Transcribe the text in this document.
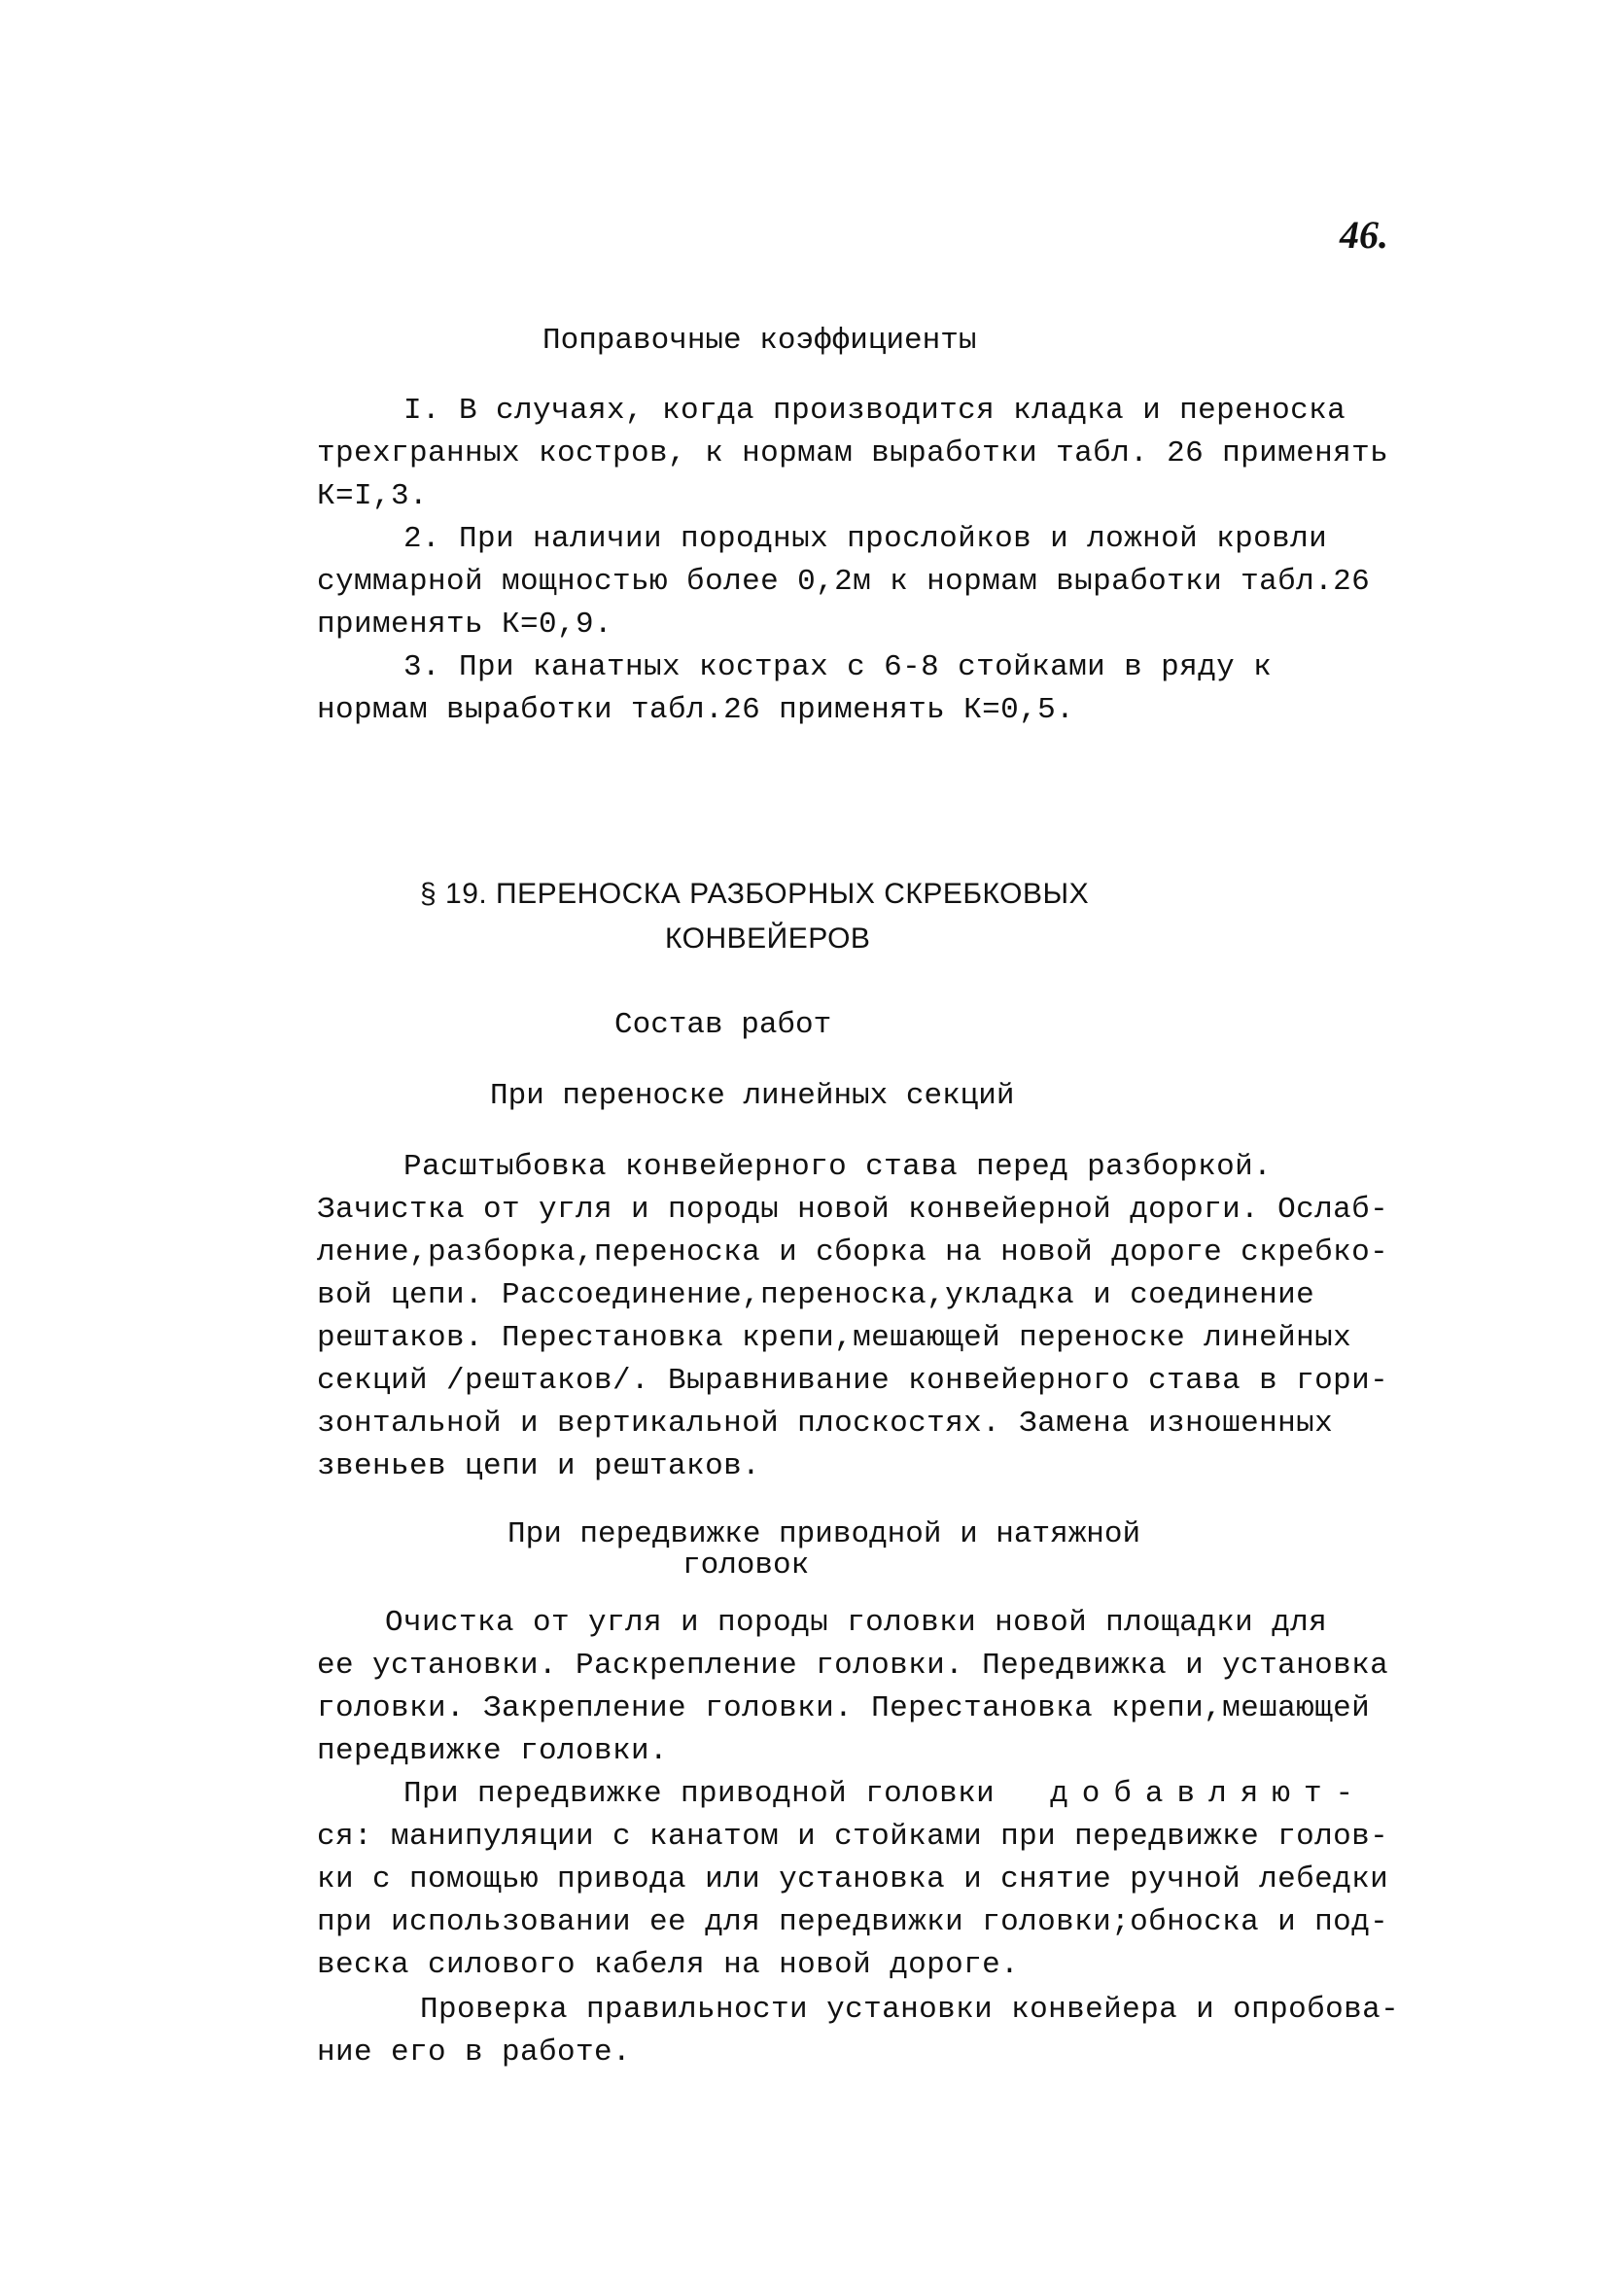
46.
Поправочные коэффициенты
I. В случаях, когда производится кладка и переноска
трехгранных костров, к нормам выработки табл. 26 применять
К=I,3.
2. При наличии породных прослойков и ложной кровли
суммарной мощностью более 0,2м к нормам выработки табл.26
применять К=0,9.
3. При канатных кострах с 6-8 стойками в ряду к
нормам выработки табл.26 применять К=0,5.
§ 19. ПЕРЕНОСКА РАЗБОРНЫХ СКРЕБКОВЫХ
КОНВЕЙЕРОВ
Состав работ
При переноске линейных секций
Расштыбовка конвейерного става перед разборкой.
Зачистка от угля и породы новой конвейерной дороги. Ослаб-
ление,разборка,переноска и сборка на новой дороге скребко-
вой цепи. Рассоединение,переноска,укладка и соединение
рештаков. Перестановка крепи,мешающей переноске линейных
секций /рештаков/. Выравнивание конвейерного става в гори-
зонтальной и вертикальной плоскостях. Замена изношенных
звеньев цепи и рештаков.
При передвижке приводной и натяжной
головок
Очистка от угля и породы головки новой площадки для
ее установки. Раскрепление головки. Передвижка и установка
головки. Закрепление головки. Перестановка крепи,мешающей
передвижке головки.
При передвижке приводной головки добавляют-
ся: манипуляции с канатом и стойками при передвижке голов-
ки с помощью привода или установка и снятие ручной лебедки
при использовании ее для передвижки головки;обноска и под-
веска силового кабеля на новой дороге.
Проверка правильности установки конвейера и опробова-
ние его в работе.
